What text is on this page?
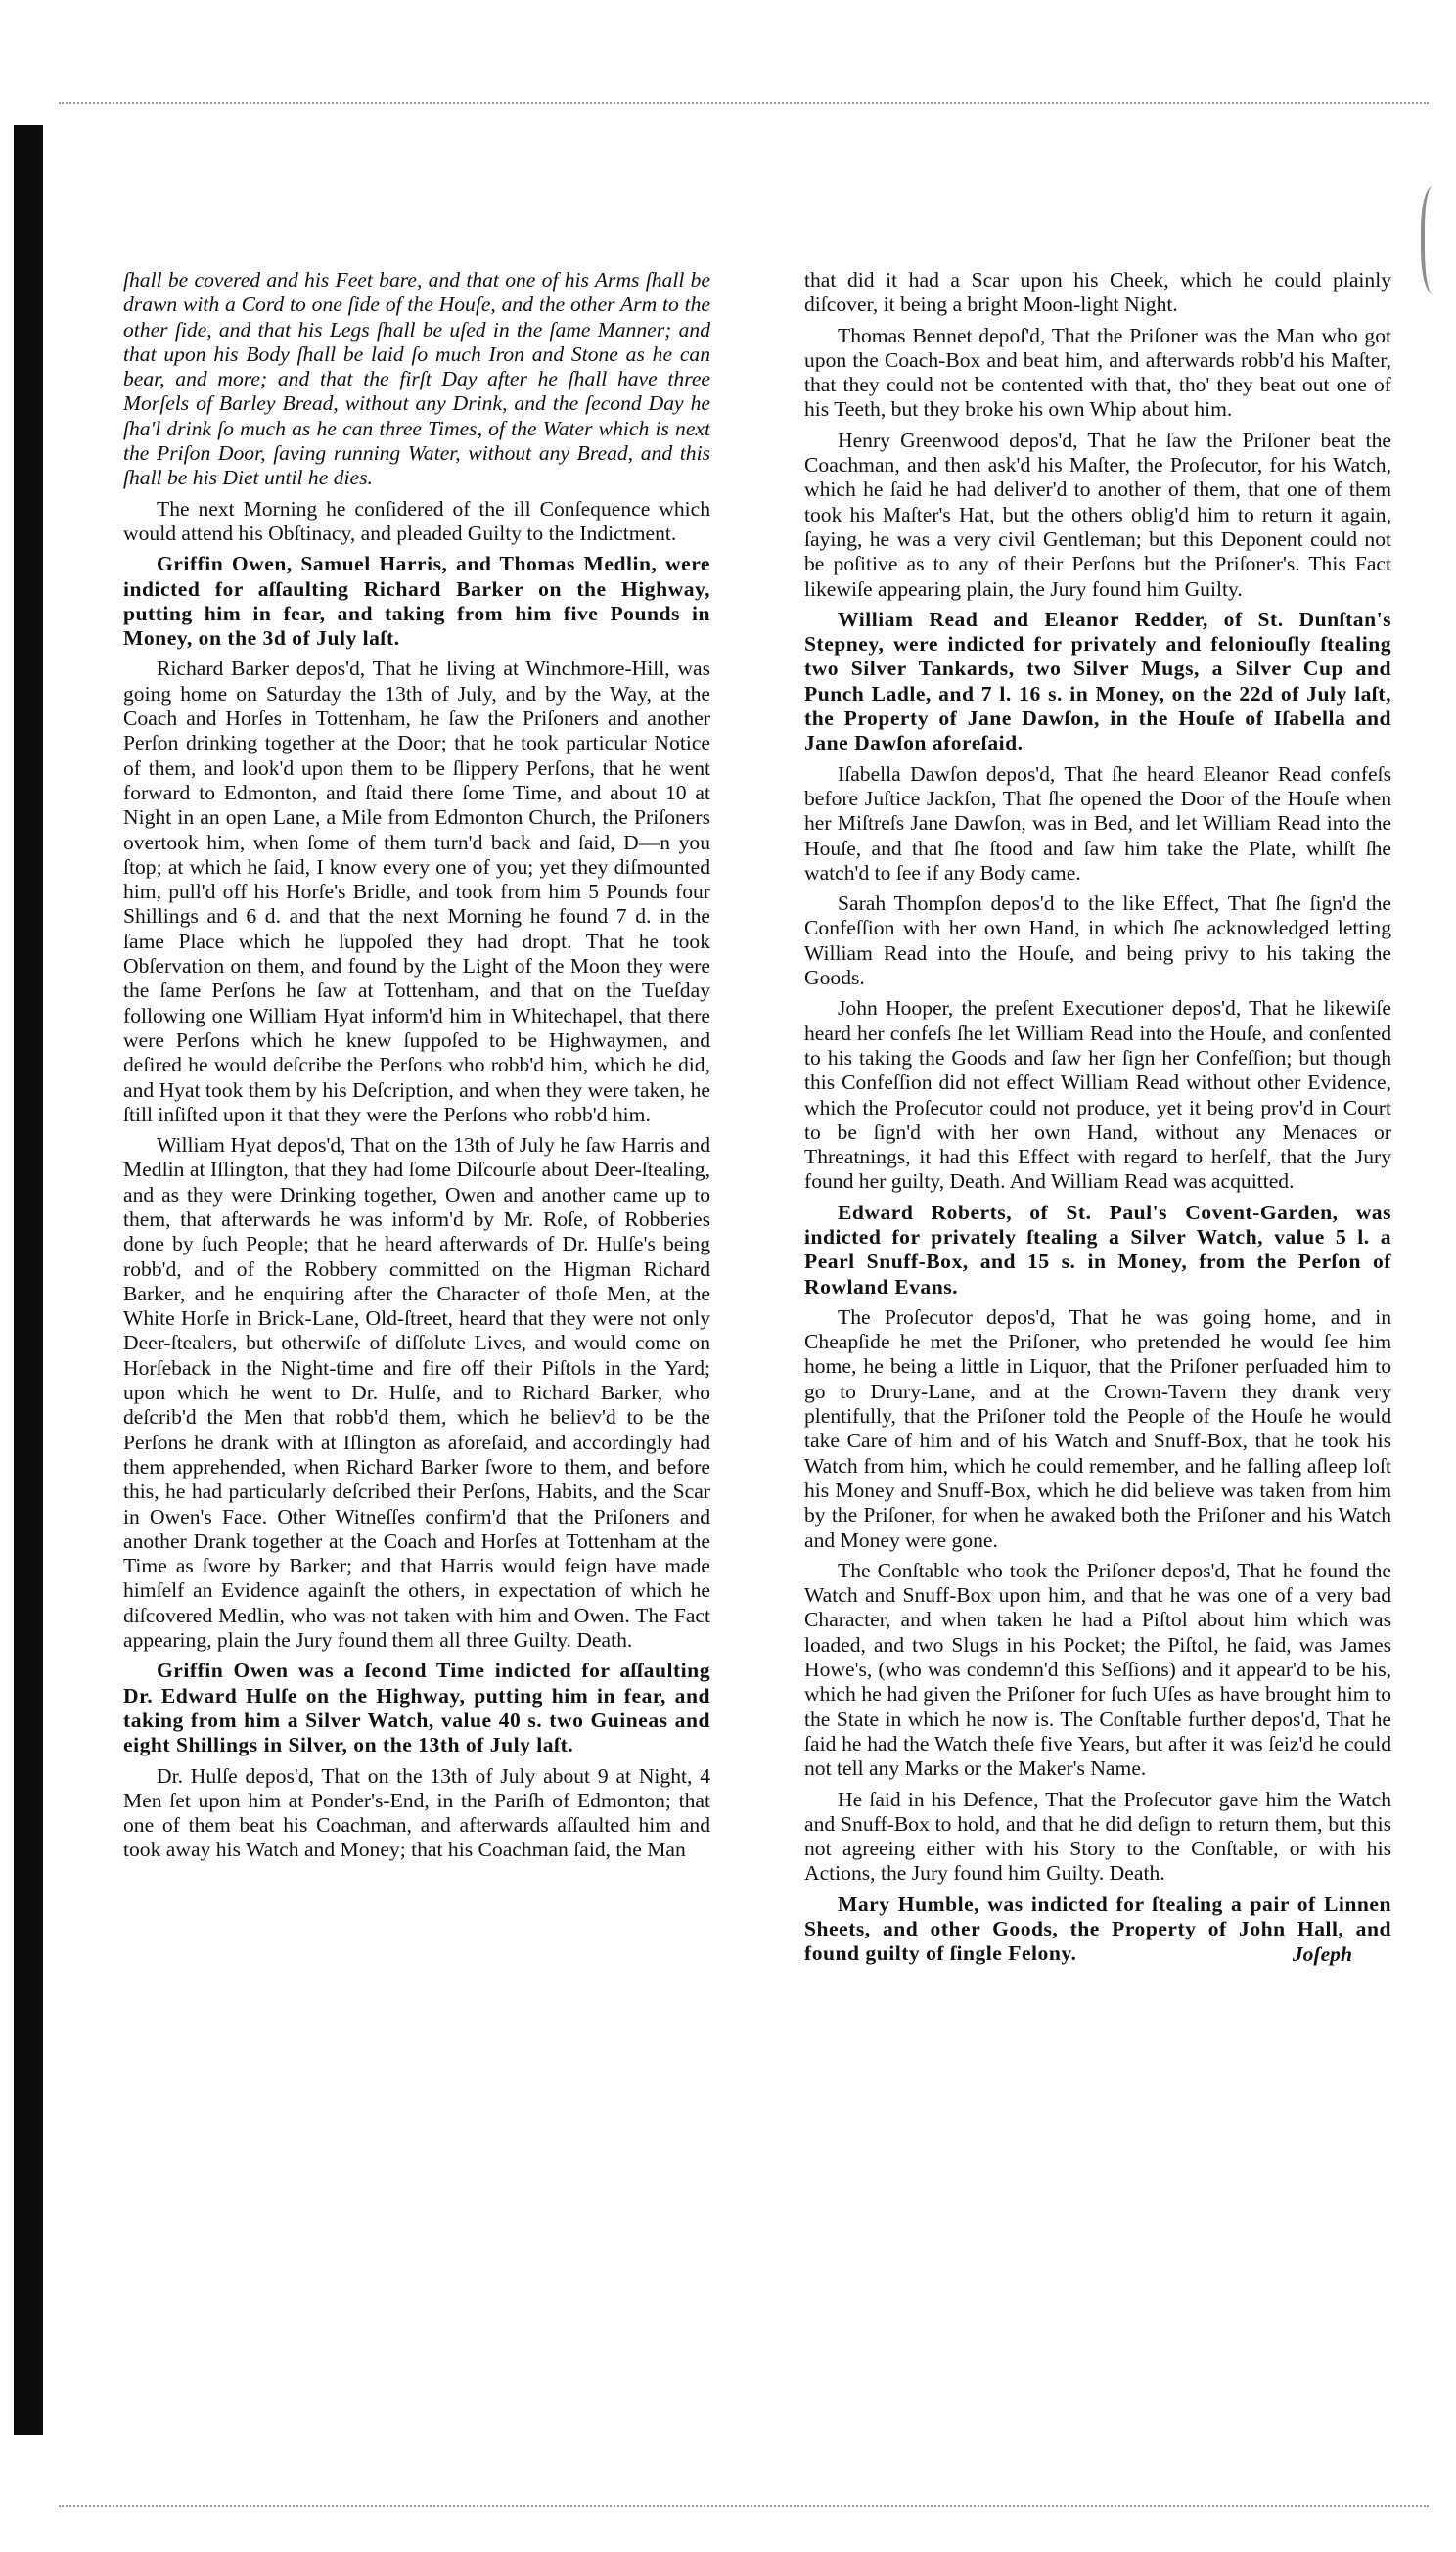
ſhall be covered and his Feet bare, and that one of his Arms ſhall be drawn with a Cord to one ſide of the Houſe, and the other Arm to the other ſide, and that his Legs ſhall be uſed in the ſame Manner; and that upon his Body ſhall be laid ſo much Iron and Stone as he can bear, and more; and that the firſt Day after he ſhall have three Morſels of Barley Bread, without any Drink, and the ſecond Day he ſha'l drink ſo much as he can three Times, of the Water which is next the Priſon Door, ſaving running Water, without any Bread, and this ſhall be his Diet until he dies.

The next Morning he conſidered of the ill Conſequence which would attend his Obſtinacy, and pleaded Guilty to the Indictment.

Griffin Owen, Samuel Harris, and Thomas Medlin, were indicted for aſſaulting Richard Barker on the Highway, putting him in fear, and taking from him five Pounds in Money, on the 3d of July laſt.

Richard Barker depos'd, That he living at Winchmore-Hill, was going home on Saturday the 13th of July, and by the Way, at the Coach and Horſes in Tottenham, he ſaw the Priſoners and another Perſon drinking together at the Door; that he took particular Notice of them, and look'd upon them to be ſlippery Perſons, that he went forward to Edmonton, and ſtaid there ſome Time, and about 10 at Night in an open Lane, a Mile from Edmonton Church, the Priſoners overtook him, when ſome of them turn'd back and ſaid, D—n you ſtop; at which he ſaid, I know every one of you; yet they diſmounted him, pull'd off his Horſe's Bridle, and took from him 5 Pounds four Shillings and 6 d. and that the next Morning he found 7 d. in the ſame Place which he ſuppoſed they had dropt. That he took Obſervation on them, and found by the Light of the Moon they were the ſame Perſons he ſaw at Tottenham, and that on the Tueſday following one William Hyat inform'd him in Whitechapel, that there were Perſons which he knew ſuppoſed to be Highwaymen, and deſired he would deſcribe the Perſons who robb'd him, which he did, and Hyat took them by his Deſcription, and when they were taken, he ſtill inſiſted upon it that they were the Perſons who robb'd him.

William Hyat depos'd, That on the 13th of July he ſaw Harris and Medlin at Iſlington, that they had ſome Diſcourſe about Deer-ſtealing, and as they were Drinking together, Owen and another came up to them, that afterwards he was inform'd by Mr. Roſe, of Robberies done by ſuch People; that he heard afterwards of Dr. Hulſe's being robb'd, and of the Robbery committed on the Higman Richard Barker, and he enquiring after the Character of thoſe Men, at the White Horſe in Brick-Lane, Old-ſtreet, heard that they were not only Deer-ſtealers, but otherwiſe of diſſolute Lives, and would come on Horſeback in the Night-time and fire off their Piſtols in the Yard; upon which he went to Dr. Hulſe, and to Richard Barker, who deſcrib'd the Men that robb'd them, which he believ'd to be the Perſons he drank with at Iſlington as aforeſaid, and accordingly had them apprehended, when Richard Barker ſwore to them, and before this, he had particularly deſcribed their Perſons, Habits, and the Scar in Owen's Face. Other Witneſſes confirm'd that the Priſoners and another Drank together at the Coach and Horſes at Tottenham at the Time as ſwore by Barker; and that Harris would feign have made himſelf an Evidence againſt the others, in expectation of which he diſcovered Medlin, who was not taken with him and Owen. The Fact appearing, plain the Jury found them all three Guilty. Death.

Griffin Owen was a ſecond Time indicted for aſſaulting Dr. Edward Hulſe on the Highway, putting him in fear, and taking from him a Silver Watch, value 40 s. two Guineas and eight Shillings in Silver, on the 13th of July laſt.

Dr. Hulſe depos'd, That on the 13th of July about 9 at Night, 4 Men ſet upon him at Ponder's-End, in the Pariſh of Edmonton; that one of them beat his Coachman, and afterwards aſſaulted him and took away his Watch and Money; that his Coachman ſaid, the Man

that did it had a Scar upon his Cheek, which he could plainly diſcover, it being a bright Moon-light Night.

Thomas Bennet depoſ'd, That the Priſoner was the Man who got upon the Coach-Box and beat him, and afterwards robb'd his Maſter, that they could not be contented with that, tho' they beat out one of his Teeth, but they broke his own Whip about him.

Henry Greenwood depos'd, That he ſaw the Priſoner beat the Coachman, and then ask'd his Maſter, the Proſecutor, for his Watch, which he ſaid he had deliver'd to another of them, that one of them took his Maſter's Hat, but the others oblig'd him to return it again, ſaying, he was a very civil Gentleman; but this Deponent could not be poſitive as to any of their Perſons but the Priſoner's. This Fact likewiſe appearing plain, the Jury found him Guilty.

William Read and Eleanor Redder, of St. Dunſtan's Stepney, were indicted for privately and feloniouſly ſtealing two Silver Tankards, two Silver Mugs, a Silver Cup and Punch Ladle, and 7 l. 16 s. in Money, on the 22d of July laſt, the Property of Jane Dawſon, in the Houſe of Iſabella and Jane Dawſon aforeſaid.

Iſabella Dawſon depos'd, That ſhe heard Eleanor Read confeſs before Juſtice Jackſon, That ſhe opened the Door of the Houſe when her Miſtreſs Jane Dawſon, was in Bed, and let William Read into the Houſe, and that ſhe ſtood and ſaw him take the Plate, whilſt ſhe watch'd to ſee if any Body came.

Sarah Thompſon depos'd to the like Effect, That ſhe ſign'd the Confeſſion with her own Hand, in which ſhe acknowledged letting William Read into the Houſe, and being privy to his taking the Goods.

John Hooper, the preſent Executioner depos'd, That he likewiſe heard her confeſs ſhe let William Read into the Houſe, and conſented to his taking the Goods and ſaw her ſign her Confeſſion; but though this Confeſſion did not effect William Read without other Evidence, which the Proſecutor could not produce, yet it being prov'd in Court to be ſign'd with her own Hand, without any Menaces or Threatnings, it had this Effect with regard to herſelf, that the Jury found her guilty, Death. And William Read was acquitted.

Edward Roberts, of St. Paul's Covent-Garden, was indicted for privately ſtealing a Silver Watch, value 5 l. a Pearl Snuff-Box, and 15 s. in Money, from the Perſon of Rowland Evans.

The Proſecutor depos'd, That he was going home, and in Cheapſide he met the Priſoner, who pretended he would ſee him home, he being a little in Liquor, that the Priſoner perſuaded him to go to Drury-Lane, and at the Crown-Tavern they drank very plentifully, that the Priſoner told the People of the Houſe he would take Care of him and of his Watch and Snuff-Box, that he took his Watch from him, which he could remember, and he falling aſleep loſt his Money and Snuff-Box, which he did believe was taken from him by the Priſoner, for when he awaked both the Priſoner and his Watch and Money were gone.

The Conſtable who took the Priſoner depos'd, That he found the Watch and Snuff-Box upon him, and that he was one of a very bad Character, and when taken he had a Piſtol about him which was loaded, and two Slugs in his Pocket; the Piſtol, he ſaid, was James Howe's, (who was condemn'd this Seſſions) and it appear'd to be his, which he had given the Priſoner for ſuch Uſes as have brought him to the State in which he now is. The Conſtable further depos'd, That he ſaid he had the Watch theſe five Years, but after it was ſeiz'd he could not tell any Marks or the Maker's Name.

He ſaid in his Defence, That the Proſecutor gave him the Watch and Snuff-Box to hold, and that he did deſign to return them, but this not agreeing either with his Story to the Conſtable, or with his Actions, the Jury found him Guilty. Death.

Mary Humble, was indicted for ſtealing a pair of Linnen Sheets, and other Goods, the Property of John Hall, and found guilty of ſingle Felony.	Joſeph
